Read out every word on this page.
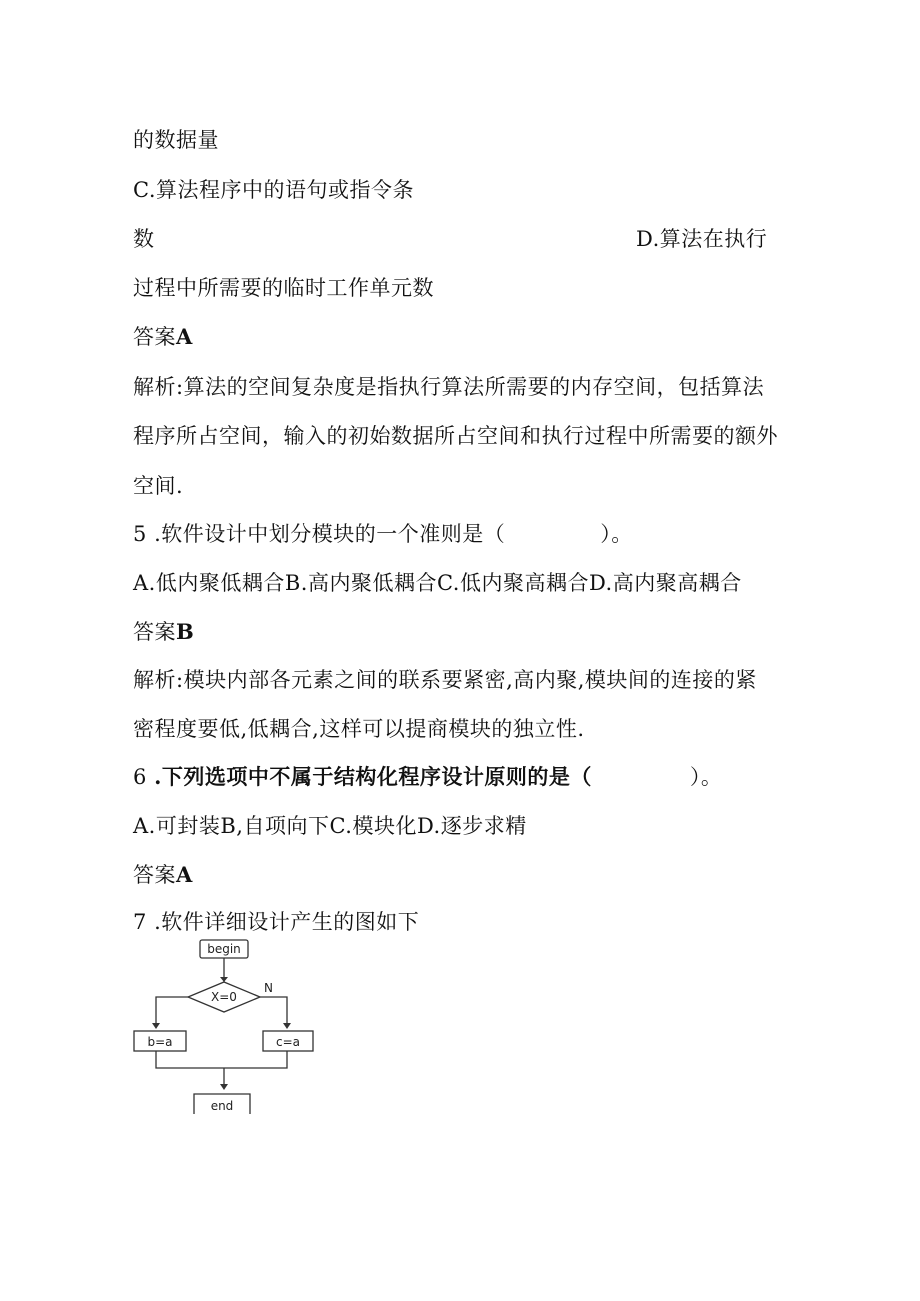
的数据量
C.算法程序中的语句或指令条
数	D.算法在执行
过程中所需要的临时工作单元数
答案A
解析:算法的空间复杂度是指执行算法所需要的内存空间，包括算法
程序所占空间，输入的初始数据所占空间和执行过程中所需要的额外
空间.
5 .软件设计中划分模块的一个准则是（	）。
A.低内聚低耦合B.高内聚低耦合C.低内聚高耦合D.高内聚高耦合
答案B
解析:模块内部各元素之间的联系要紧密,高内聚,模块间的连接的紧
密程度要低,低耦合,这样可以提商模块的独立性.
6 .下列选项中不属于结构化程序设计原则的是（	）。
A.可封装B,自项向下C.模块化D.逐步求精
答案A
7 .软件详细设计产生的图如下
begin
X=0
N
b=a	c=a
end
